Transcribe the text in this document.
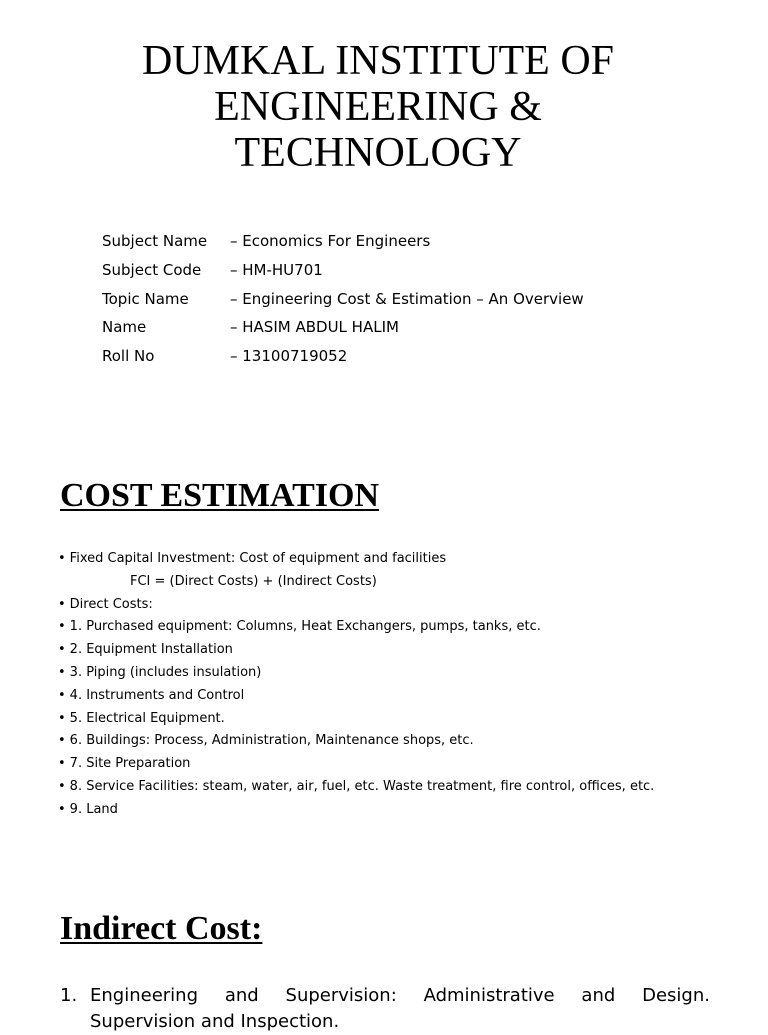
DUMKAL INSTITUTE OF
ENGINEERING &
TECHNOLOGY
Subject Name – Economics For Engineers
Subject Code – HM-HU701
Topic Name	– Engineering Cost & Estimation – An Overview
Name	– HASIM ABDUL HALIM
Roll No	– 13100719052
COST ESTIMATION
• Fixed Capital Investment: Cost of equipment and facilities
FCI = (Direct Costs) + (Indirect Costs)
• Direct Costs:
• 1. Purchased equipment: Columns, Heat Exchangers, pumps, tanks, etc.
• 2. Equipment Installation
• 3. Piping (includes insulation)
• 4. Instruments and Control
• 5. Electrical Equipment.
• 6. Buildings: Process, Administration, Maintenance shops, etc.
• 7. Site Preparation
• 8. Service Facilities: steam, water, air, fuel, etc. Waste treatment, fire control, offices, etc.
• 9. Land
Indirect Cost:
1. Engineering and Supervision: Administrative and Design. Supervision and Inspection.
